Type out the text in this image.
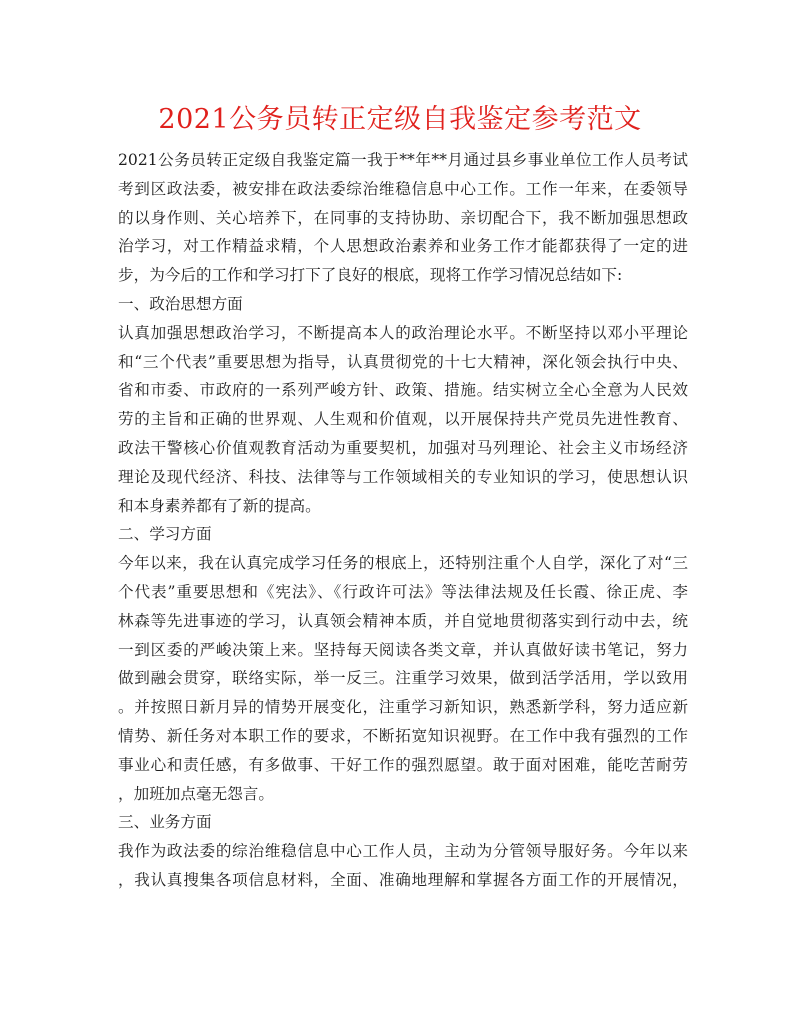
2021公务员转正定级自我鉴定参考范文
2021公务员转正定级自我鉴定篇一我于**年**月通过县乡事业单位工作人员考试
考到区政法委，被安排在政法委综治维稳信息中心工作。工作一年来，在委领导
的以身作则、关心培养下，在同事的支持协助、亲切配合下，我不断加强思想政
治学习，对工作精益求精，个人思想政治素养和业务工作才能都获得了一定的进
步，为今后的工作和学习打下了良好的根底，现将工作学习情况总结如下:
一、政治思想方面
认真加强思想政治学习，不断提高本人的政治理论水平。不断坚持以邓小平理论
和“三个代表”重要思想为指导，认真贯彻党的十七大精神，深化领会执行中央、
省和市委、市政府的一系列严峻方针、政策、措施。结实树立全心全意为人民效
劳的主旨和正确的世界观、人生观和价值观，以开展保持共产党员先进性教育、
政法干警核心价值观教育活动为重要契机，加强对马列理论、社会主义市场经济
理论及现代经济、科技、法律等与工作领域相关的专业知识的学习，使思想认识
和本身素养都有了新的提高。
二、学习方面
今年以来，我在认真完成学习任务的根底上，还特别注重个人自学，深化了对“三
个代表”重要思想和《宪法》、《行政许可法》等法律法规及任长霞、徐正虎、李
林森等先进事迹的学习，认真领会精神本质，并自觉地贯彻落实到行动中去，统
一到区委的严峻决策上来。坚持每天阅读各类文章，并认真做好读书笔记，努力
做到融会贯穿，联络实际，举一反三。注重学习效果，做到活学活用，学以致用
。并按照日新月异的情势开展变化，注重学习新知识，熟悉新学科，努力适应新
情势、新任务对本职工作的要求，不断拓宽知识视野。在工作中我有强烈的工作
事业心和责任感，有多做事、干好工作的强烈愿望。敢于面对困难，能吃苦耐劳
，加班加点毫无怨言。
三、业务方面
我作为政法委的综治维稳信息中心工作人员，主动为分管领导服好务。今年以来
，我认真搜集各项信息材料，全面、准确地理解和掌握各方面工作的开展情况，
